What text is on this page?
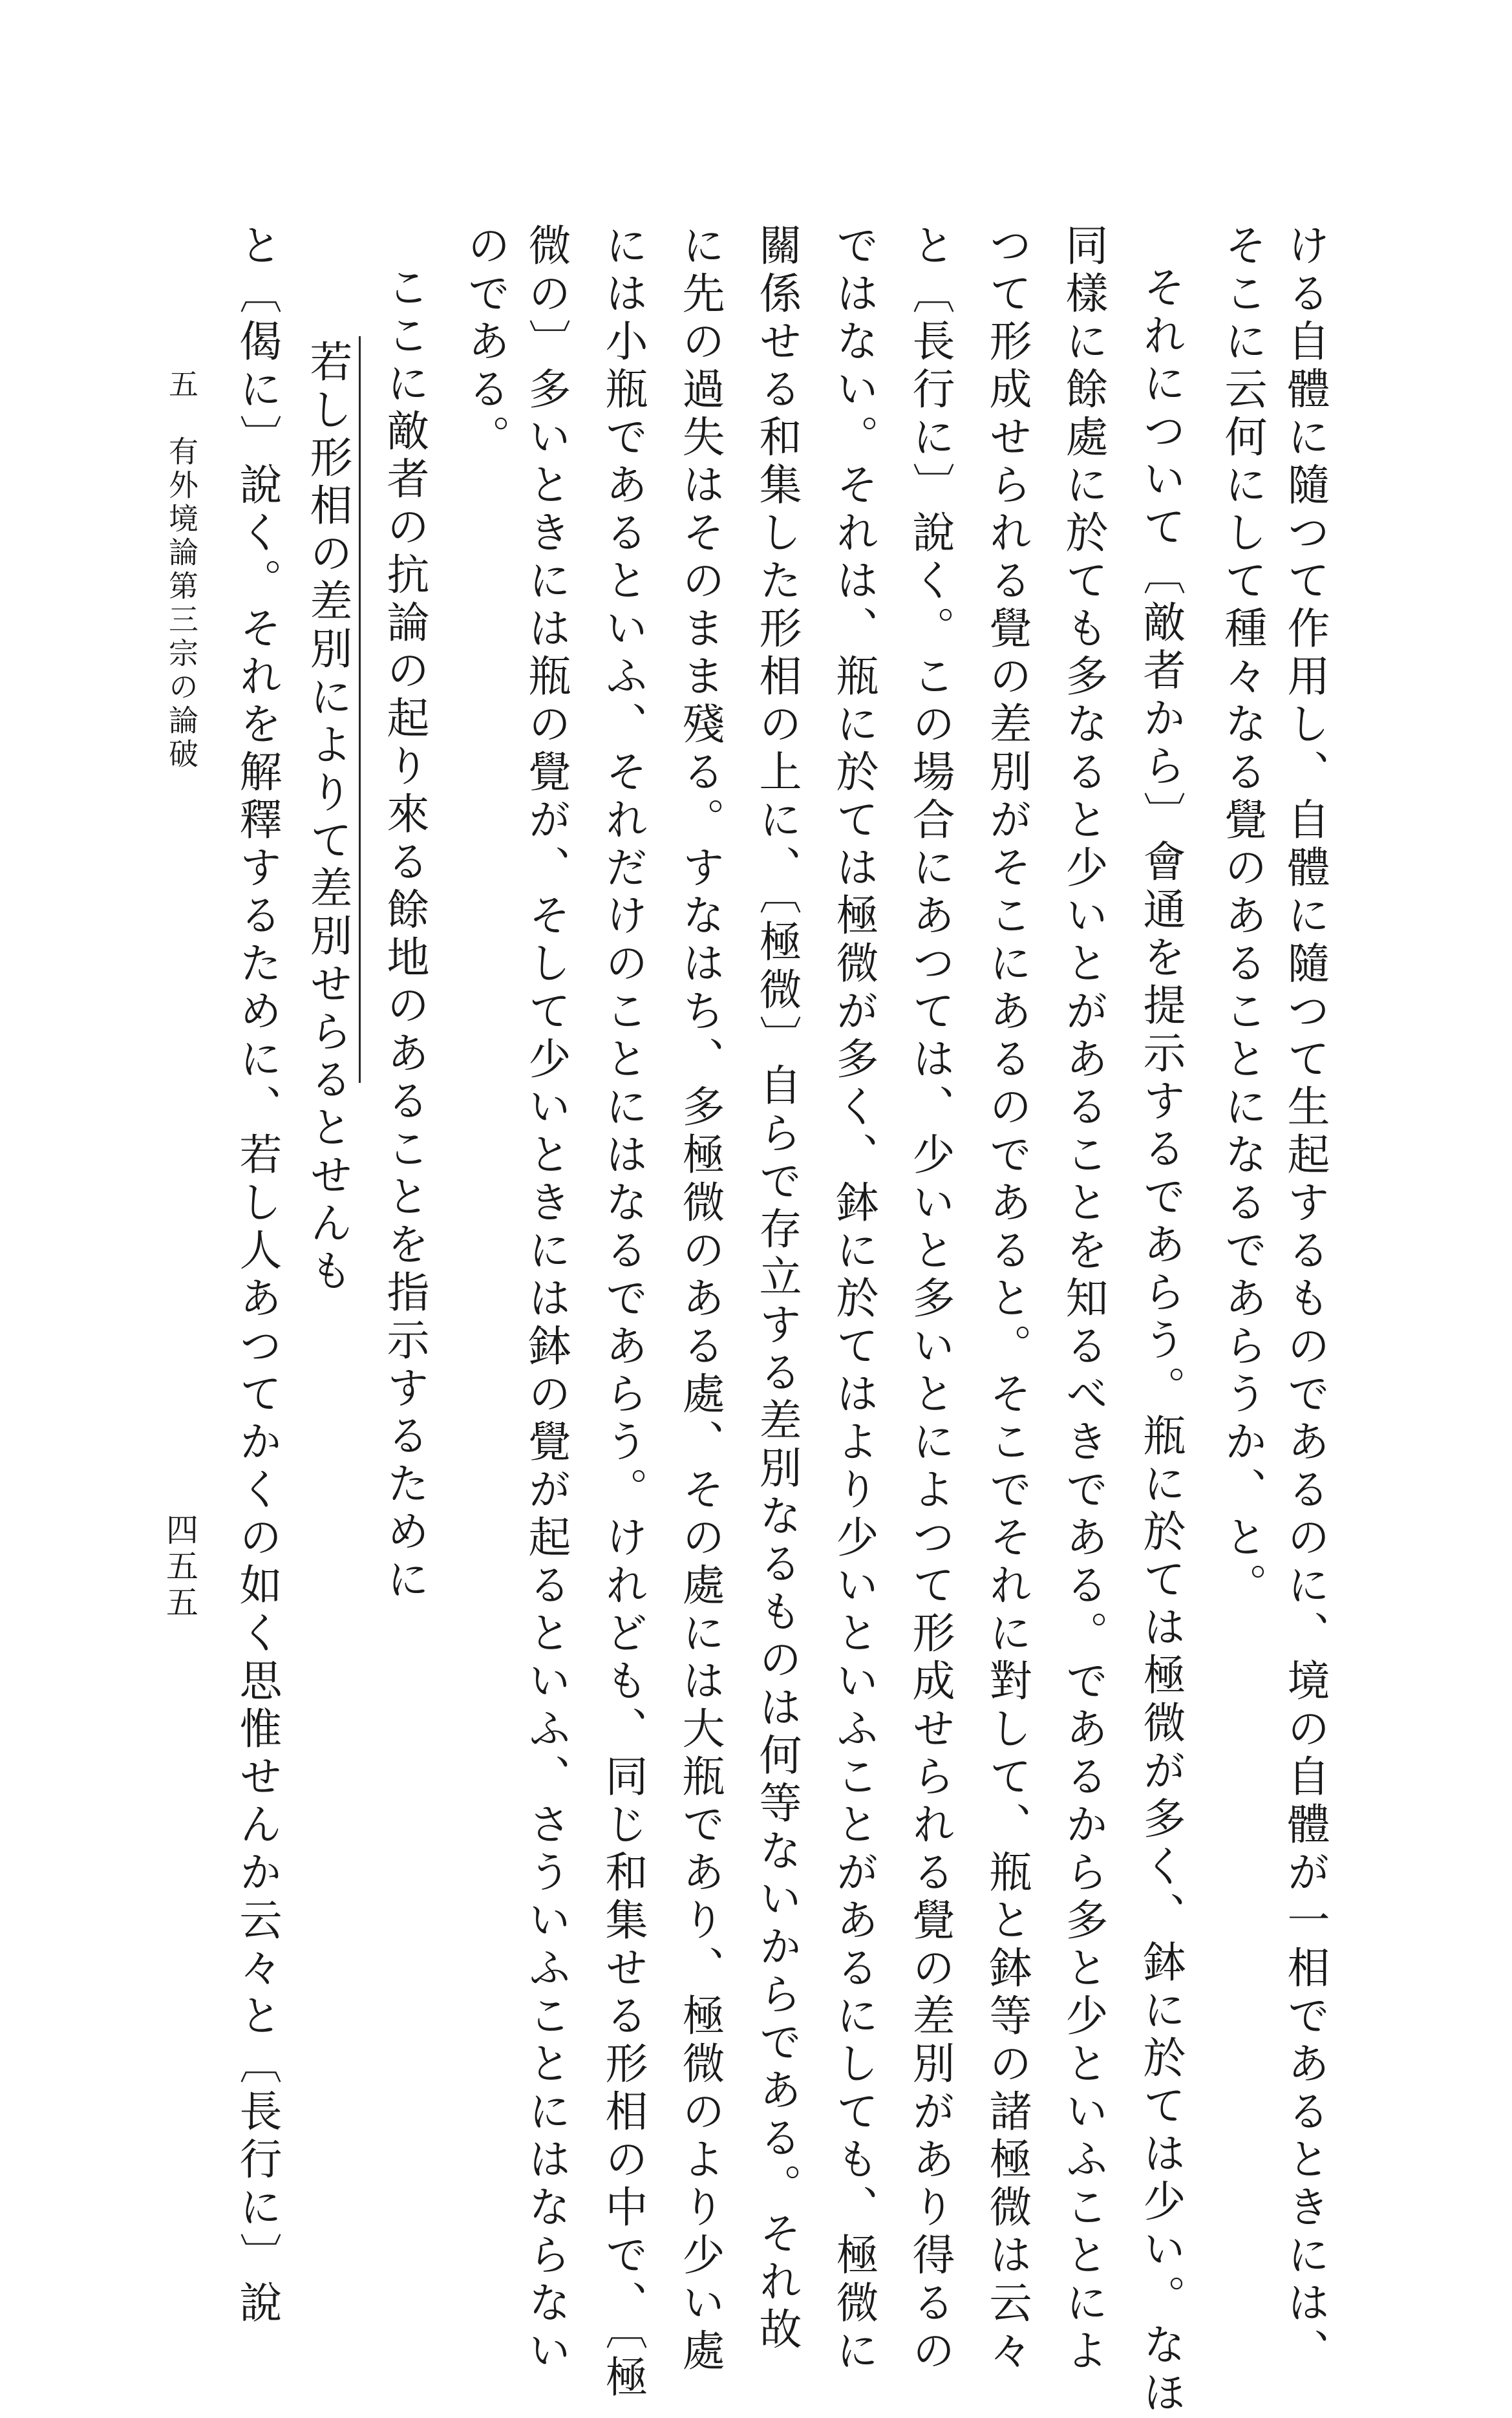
ける自體に隨つて作用し、自體に隨つて生起するものであるのに、境の自體が一相であるときには、
そこに云何にして種々なる覺のあることになるであらうか、と。
それについて〔敵者から〕會通を提示するであらう。瓶に於ては極微が多く、鉢に於ては少い。なほ
同樣に餘處に於ても多なると少いとがあることを知るべきである。であるから多と少といふことによ
つて形成せられる覺の差別がそこにあるのであると。そこでそれに對して、瓶と鉢等の諸極微は云々
と〔長行に〕說く。この場合にあつては、少いと多いとによつて形成せられる覺の差別があり得るの
ではない。それは、瓶に於ては極微が多く、鉢に於てはより少いといふことがあるにしても、極微に
關係せる和集した形相の上に、〔極微〕自らで存立する差別なるものは何等ないからである。それ故
に先の過失はそのまま殘る。すなはち、多極微のある處、その處には大瓶であり、極微のより少い處
には小瓶であるといふ、それだけのことにはなるであらう。けれども、同じ和集せる形相の中で、〔極
微の〕多いときには瓶の覺が、そして少いときには鉢の覺が起るといふ、さういふことにはならない
のである。
ここに敵者の抗論の起り來る餘地のあることを指示するために
若し形相の差別によりて差別せらるとせんも
と〔偈に〕說く。それを解釋するために、若し人あつてかくの如く思惟せんか云々と〔長行に〕說
五　有外境論第三宗の論破
四五五
